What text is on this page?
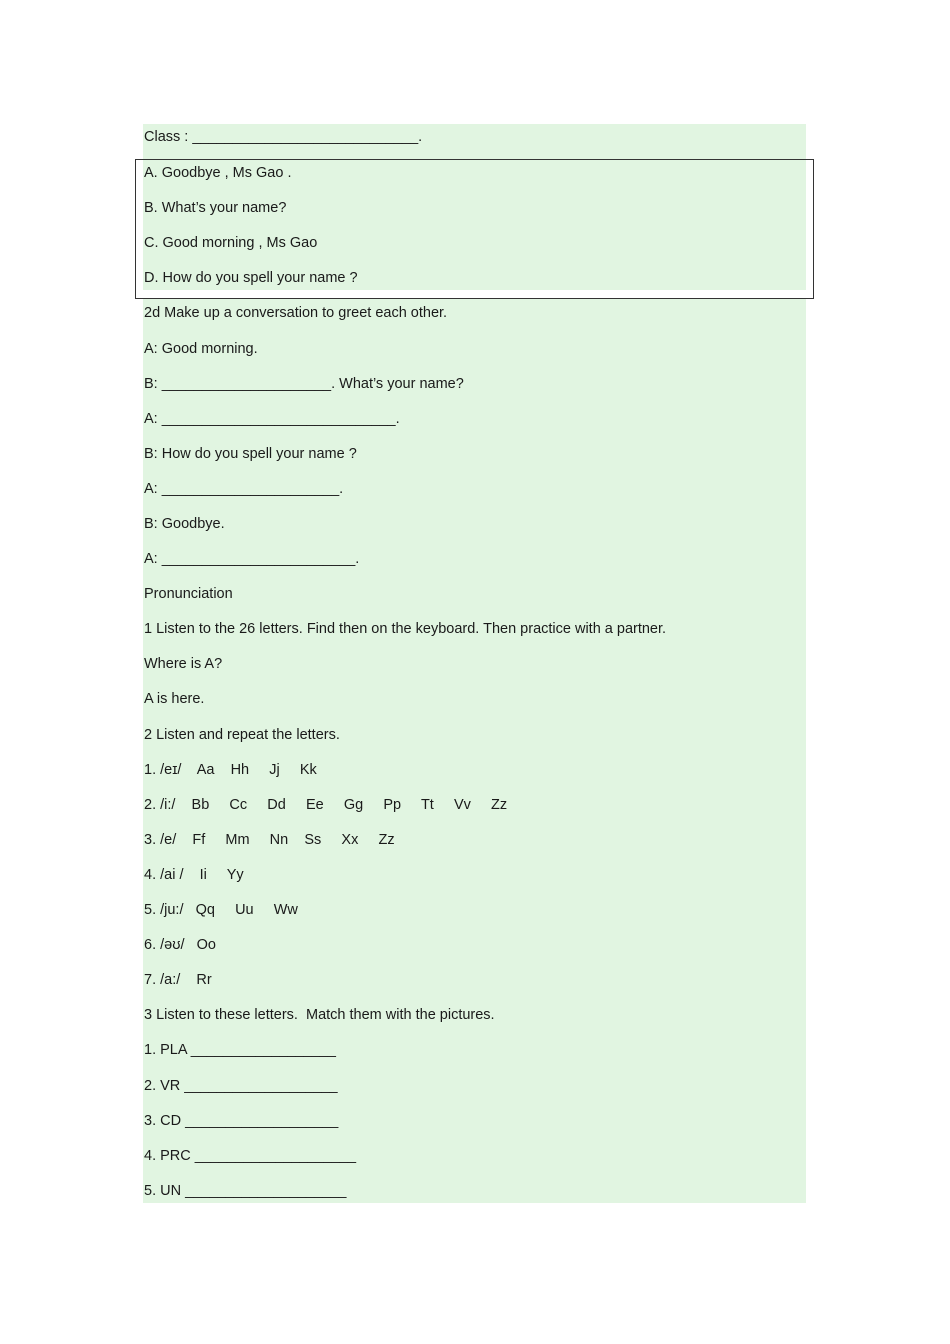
Class : ____________________________.
A. Goodbye , Ms Gao .
B. What’s your name?
C. Good morning , Ms Gao
D. How do you spell your name ?
2d Make up a conversation to greet each other.
A: Good morning.
B: _____________________. What’s your name?
A: _____________________________.
B: How do you spell your name ?
A: ______________________.
B: Goodbye.
A: ________________________.
Pronunciation
1 Listen to the 26 letters. Find then on the keyboard. Then practice with a partner.
Where is A?
A is here.
2 Listen and repeat the letters.
1. /eɪ/    Aa    Hh     Jj     Kk
2. /i:/    Bb     Cc     Dd     Ee     Gg     Pp     Tt     Vv     Zz
3. /e/    Ff     Mm     Nn    Ss     Xx     Zz
4. /ai /    Ii     Yy
5. /ju:/   Qq     Uu     Ww
6. /əʊ/   Oo
7. /a:/    Rr
3 Listen to these letters.  Match them with the pictures.
1. PLA __________________
2. VR ___________________
3. CD ___________________
4. PRC ____________________
5. UN ____________________
